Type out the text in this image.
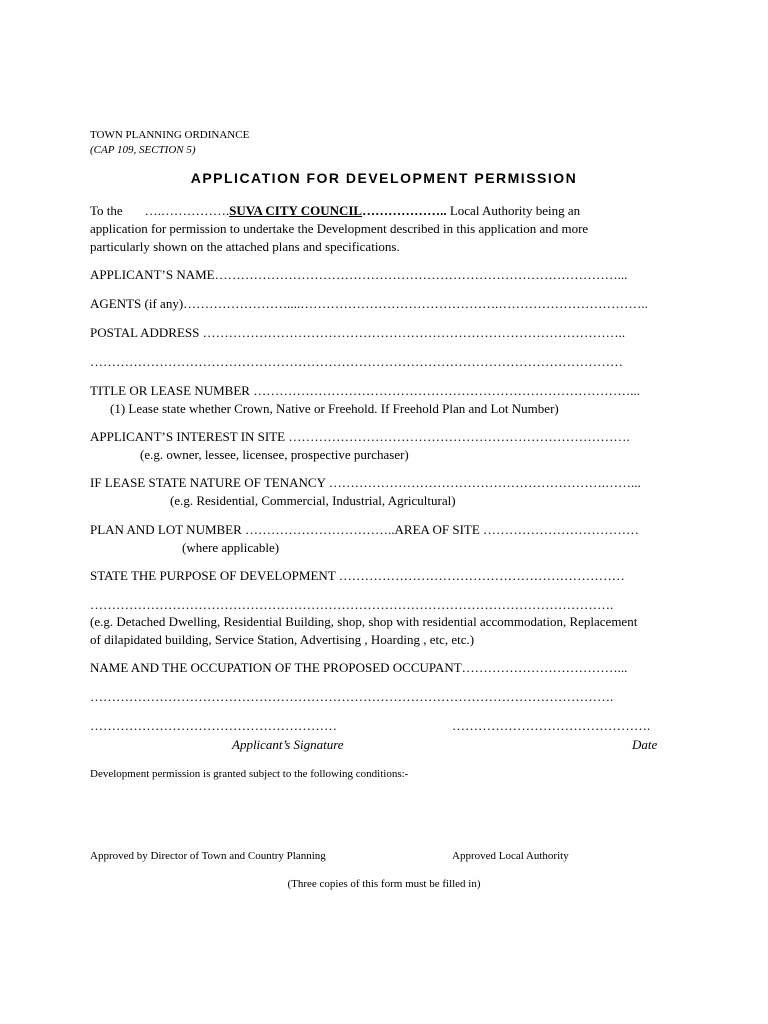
TOWN PLANNING ORDINANCE
(CAP 109, SECTION 5)
APPLICATION FOR DEVELOPMENT PERMISSION
To the ….…………….SUVA CITY COUNCIL……………….. Local Authority being an
application for permission to undertake the Development described in this application and more
particularly shown on the attached plans and specifications.
APPLICANT’S NAME…………………………………………………………………………………...
AGENTS (if any)……………………....……………………………………….……………………………..
POSTAL ADDRESS ……………………………………………………………………………………..
……………………………………………………………………………………………………………
TITLE OR LEASE NUMBER ……………………………………………………………………………...
(1) Lease state whether Crown, Native or Freehold. If Freehold Plan and Lot Number)
APPLICANT’S INTEREST IN SITE …………………………………………………………………….
(e.g. owner, lessee, licensee, prospective purchaser)
IF LEASE STATE NATURE OF TENANCY ……………………………………………………….……...
(e.g. Residential, Commercial, Industrial, Agricultural)
PLAN AND LOT NUMBER ……………………………..AREA OF SITE ………………………………
(where applicable)
STATE THE PURPOSE OF DEVELOPMENT …………………………………………………………
………………………………………………………………………………………………………….
(e.g. Detached Dwelling, Residential Building, shop, shop with residential accommodation, Replacement
of dilapidated building, Service Station, Advertising , Hoarding , etc, etc.)
NAME AND THE OCCUPATION OF THE PROPOSED OCCUPANT………………………………...
………………………………………………………………………………………………………….
…………………………………………………	……………………………………….
Applicant’s Signature	Date
Development permission is granted subject to the following conditions:-
Approved by Director of Town and Country Planning	Approved Local Authority
(Three copies of this form must be filled in)
